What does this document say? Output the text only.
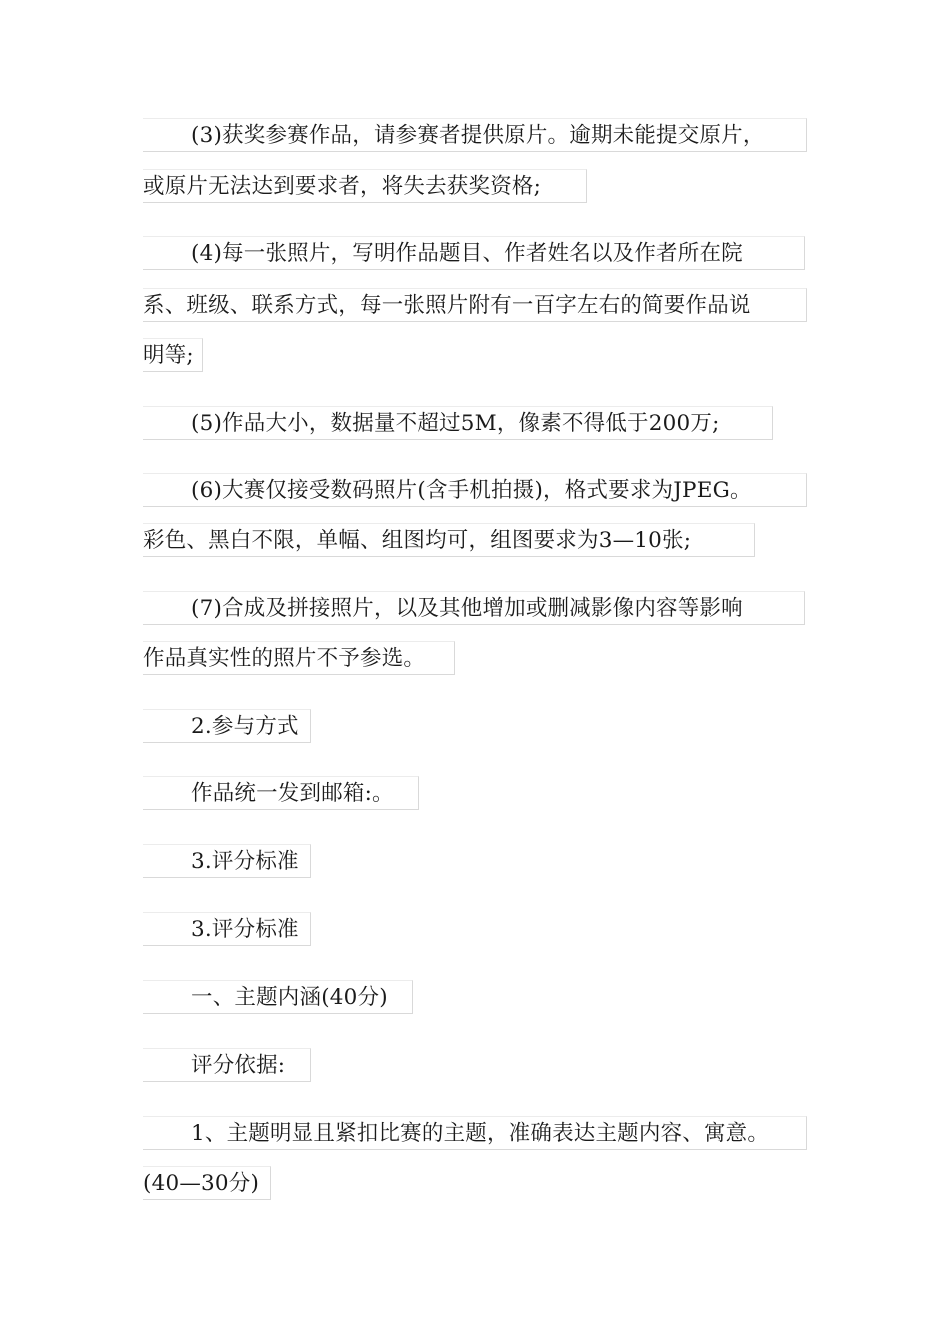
(3)获奖参赛作品，请参赛者提供原片。逾期未能提交原片，
或原片无法达到要求者，将失去获奖资格;
(4)每一张照片，写明作品题目、作者姓名以及作者所在院
系、班级、联系方式，每一张照片附有一百字左右的简要作品说
明等;
(5)作品大小，数据量不超过5M，像素不得低于200万;
(6)大赛仅接受数码照片(含手机拍摄)，格式要求为JPEG。
彩色、黑白不限，单幅、组图均可，组图要求为3—10张;
(7)合成及拼接照片，以及其他增加或删减影像内容等影响
作品真实性的照片不予参选。
2.参与方式
作品统一发到邮箱:。
3.评分标准
3.评分标准
一、主题内涵(40分)
评分依据:
1、主题明显且紧扣比赛的主题，准确表达主题内容、寓意。
(40—30分)
